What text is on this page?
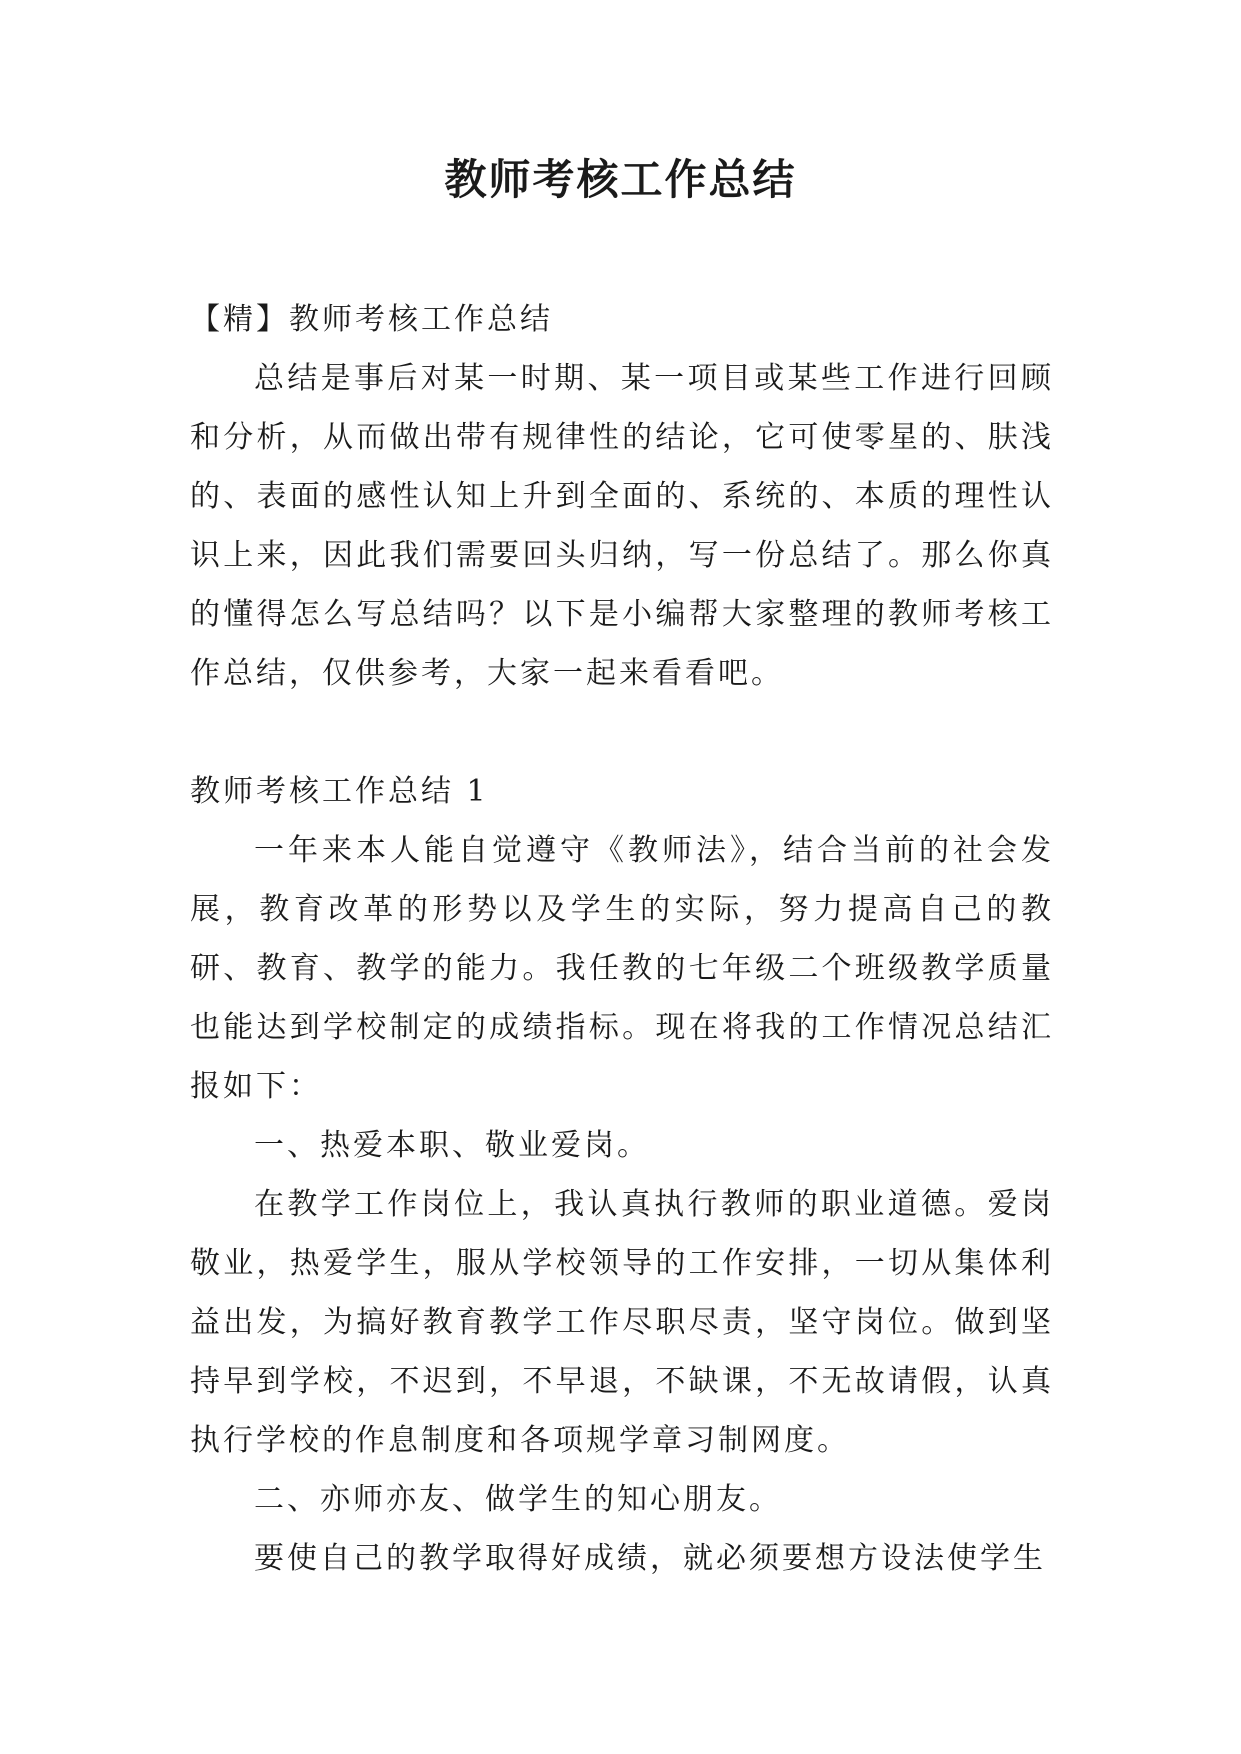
教师考核工作总结

【精】教师考核工作总结

总结是事后对某一时期、某一项目或某些工作进行回顾和分析，从而做出带有规律性的结论，它可使零星的、肤浅的、表面的感性认知上升到全面的、系统的、本质的理性认识上来，因此我们需要回头归纳，写一份总结了。那么你真的懂得怎么写总结吗？以下是小编帮大家整理的教师考核工作总结，仅供参考，大家一起来看看吧。

教师考核工作总结 1

一年来本人能自觉遵守《教师法》，结合当前的社会发展，教育改革的形势以及学生的实际，努力提高自己的教研、教育、教学的能力。我任教的七年级二个班级教学质量也能达到学校制定的成绩指标。现在将我的工作情况总结汇报如下：

一、热爱本职、敬业爱岗。

在教学工作岗位上，我认真执行教师的职业道德。爱岗敬业，热爱学生，服从学校领导的工作安排，一切从集体利益出发，为搞好教育教学工作尽职尽责，坚守岗位。做到坚持早到学校，不迟到，不早退，不缺课，不无故请假，认真执行学校的作息制度和各项规学章习制网度。

二、亦师亦友、做学生的知心朋友。

要使自己的教学取得好成绩，就必须要想方设法使学生
